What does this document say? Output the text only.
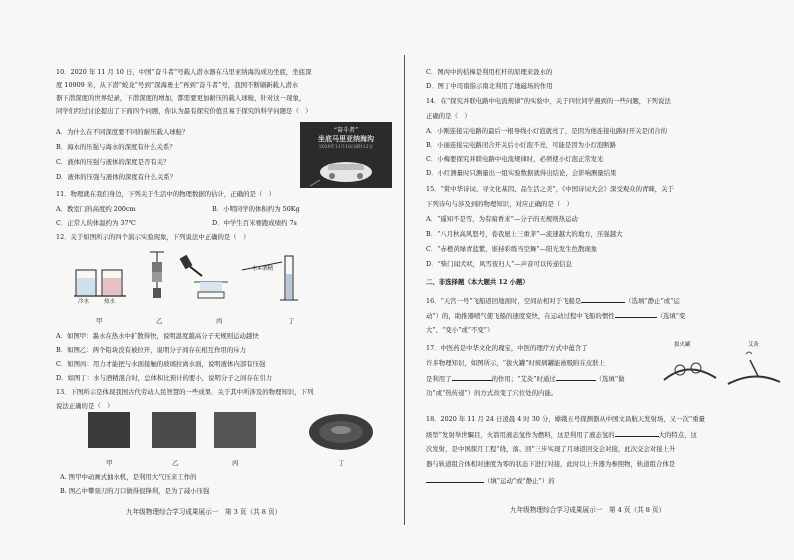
10．2020 年 11 月 10 日，中国“奋斗者”号载人潜水器在马里亚纳海沟成功坐底，坐底深
度 10909 米，从下潜“蛟龙”号到“深海勇士”再到“奋斗者”号，我国不断刷新载人潜水
器下潜深度的世界纪录，下潜深度的增加，都需要更加耐压的载人球舱，针对这一现象，
同学们经过讨论提出了下面四个问题，你认为最有探究价值且易于探究的科学问题是（　）
A．为什么在不同深度要不同的耐压载人球舱？
B．海水的压强与海水的深度有什么关系？
C．液体的压强与液体的深度是否有关？
D．液体的压强与液体的深度有什么关系？
“奋斗者”
坐底马里亚纳海沟
2020年11月10日8时12分
11．物理就在我们身边，下列关于生活中的物理数据的估计，正确的是（　）
A．教室门的高度约 200cm	B．小明同学的体积约为 50Kg
C．正常人的体温约为 37℃	D．中学生百米赛跑成绩约 7s
12．关于如图所示的四个演示实验现象，下列说法中正确的是（　）
冷水	热水
水+酒精
甲	乙	丙	丁
A．如图甲：墨水在热水中扩散得快，说明温度越高分子无规则运动越快
B．如图乙：两个铅块没有被拉开，说明分子间存在相互作用的斥力
C．如图丙：用力才能把与水面接触的玻璃拉离水面，说明液体内部有压强
D．如图丁：水与酒精混合时，总体积比预计的要小，说明分子之间存在引力
13．下图所示是体现我国古代劳动人民智慧的一些成果．关于其中所涉及的物理知识，下列
说法正确的是（　）
甲	乙	丙	丁
A. 图甲中动画式抽水机，是利用大气压来工作的
B. 图乙中攀刻刀的刀口做得很锋利，是为了减小压强
九年级物理综合学习成果展示一　第 3 页（共 8 页）
C．图丙中的桔槔是利用杠杆的原理来汲水的
D．图丁中司南指示南北利用了地磁场的作用
14．在“探究并联电路中电流规律”的实验中，关于四位同学遇到的一些问题，下列说法
正确的是（　）
A．小刚连接完电路的最后一根导线小灯泡就亮了，是因为他连接电路时开关是闭合的
B．小丽连接完电路闭合开关后小灯泡不亮，可能是因为小灯泡断路
C．小梅要探究并联电路中电流规律时，必须使小灯泡正常发光
D．小红测量时只测量出一组实验数据就得出结论，会影响测量结果
15．“赏中华诗词、寻文化基因、品生活之美”，《中国诗词大会》深受观众的青睐，关于
下列诗句与涉及到的物理知识，对应正确的是（　）
A．“遥知不是雪，为有暗香来”—分子的无规则热运动
B．“八月秋高风怒号，卷我屋上三重茅”—流速越大的地方，压强越大
C．“赤橙黄绿青蓝紫，谁持彩练当空舞”—阳光发生色散现象
D．“柴门闻犬吠，风雪夜归人”—声音可以传递信息
二、非选择题（本大题共 12 小题）
16．“天宫一号”飞船返回地面时，空间站相对于飞船是	（选填“静止”或“运
动”）的，助推器喷气使飞船的速度变快，在运动过程中飞船的惯性	（选填“变
大”、“变小”或“不变”）
17．中医药是中华文化的瑰宝，中医的理疗方式中蕴含了
许多物理知识，如图所示，“拔火罐”时玻璃罐能被吸附在皮肤上
是利用了	的作用；“艾灸”时通过	（选填“做
功”或“热传递”）的方式改变了穴位处的内能。
拔火罐	艾灸
18．2020 年 11 月 24 日凌晨 4 时 30 分，嫦娥五号探测器从中国文昌航天发射场，又一次“重量
级型”发射举世瞩目，火箭用液态氢作为燃料，这是利用了液态氢的	大的特点，这
次发射，是中国探月工程“绕、落、回”三步实现了月球返回交会对接，此次交会对接上升
器与轨道组合体相对速度为零的状态下进行对接，此时以上升器为参照物，轨道组合体是
（填“运动”或“静止”）的
九年级物理综合学习成果展示一　第 4 页（共 8 页）
